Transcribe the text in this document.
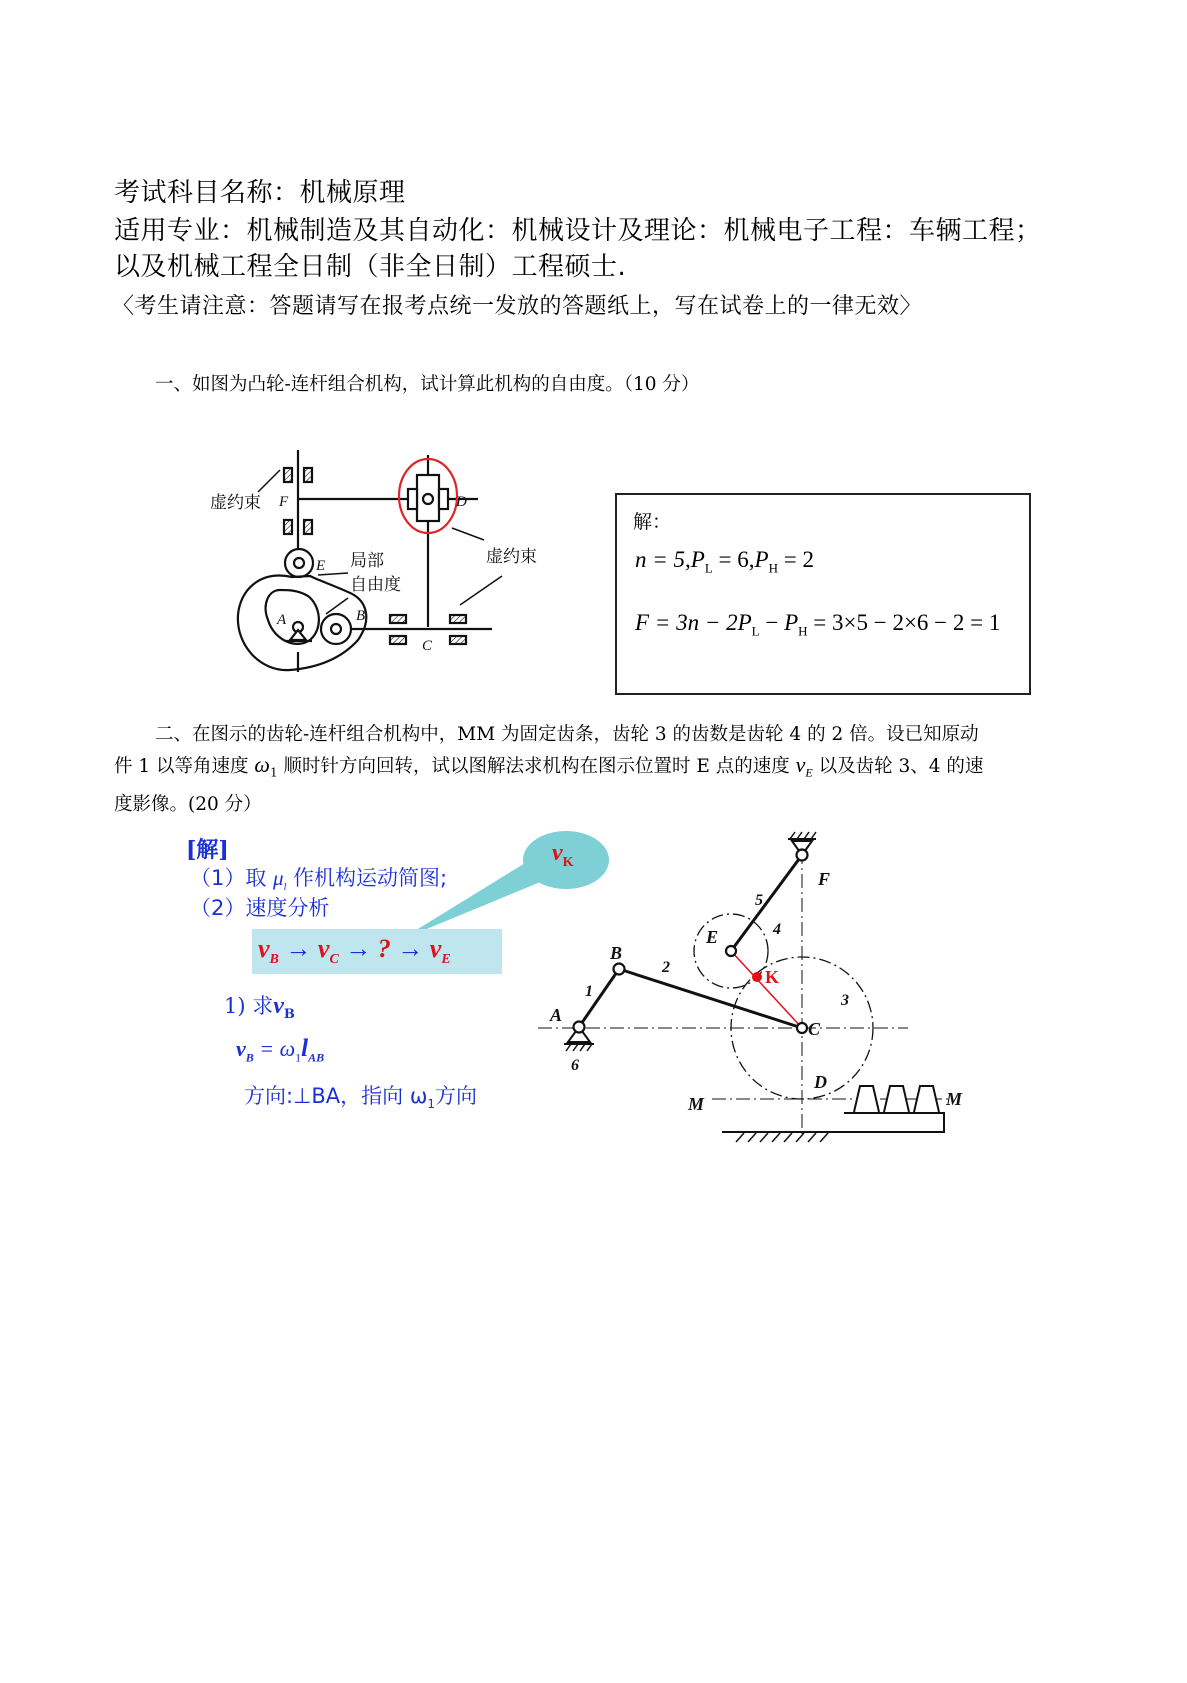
考试科目名称：机械原理
适用专业：机械制造及其自动化：机械设计及理论：机械电子工程：车辆工程；
以及机械工程全日制（非全日制）工程硕士.
〈考生请注意：答题请写在报考点统一发放的答题纸上，写在试卷上的一律无效〉
一、如图为凸轮-连杆组合机构，试计算此机构的自由度。（10 分）
F
E
A	B
C
D
虚约束
局部
自由度
虚约束
解：
$n = 5,P_L = 6,P_H = 2$
$F = 3n - 2P_L - P_H = 3\times 5 - 2\times 6 - 2 = 1$
二、在图示的齿轮-连杆组合机构中，MM 为固定齿条，齿轮 3 的齿数是齿轮 4 的 2 倍。设已知原动
件 1 以等角速度 $\omega_1$ 顺时针方向回转，试以图解法求机构在图示位置时 E 点的速度 $v_E$ 以及齿轮 3、4 的速
度影像。(20 分）
[解]
（1）取 $\mu_l$ 作机构运动简图;
（2）速度分析
$v_K$
$v_B \to v_C$ → ? → $v_E$
1) 求$v_B$
$v_B = \omega_1l_{AB}$
方向:⊥BA，指向 $\omega_1$方向
A
B
C
D
E
F
M	M
K
1
2
3
4
5
6
